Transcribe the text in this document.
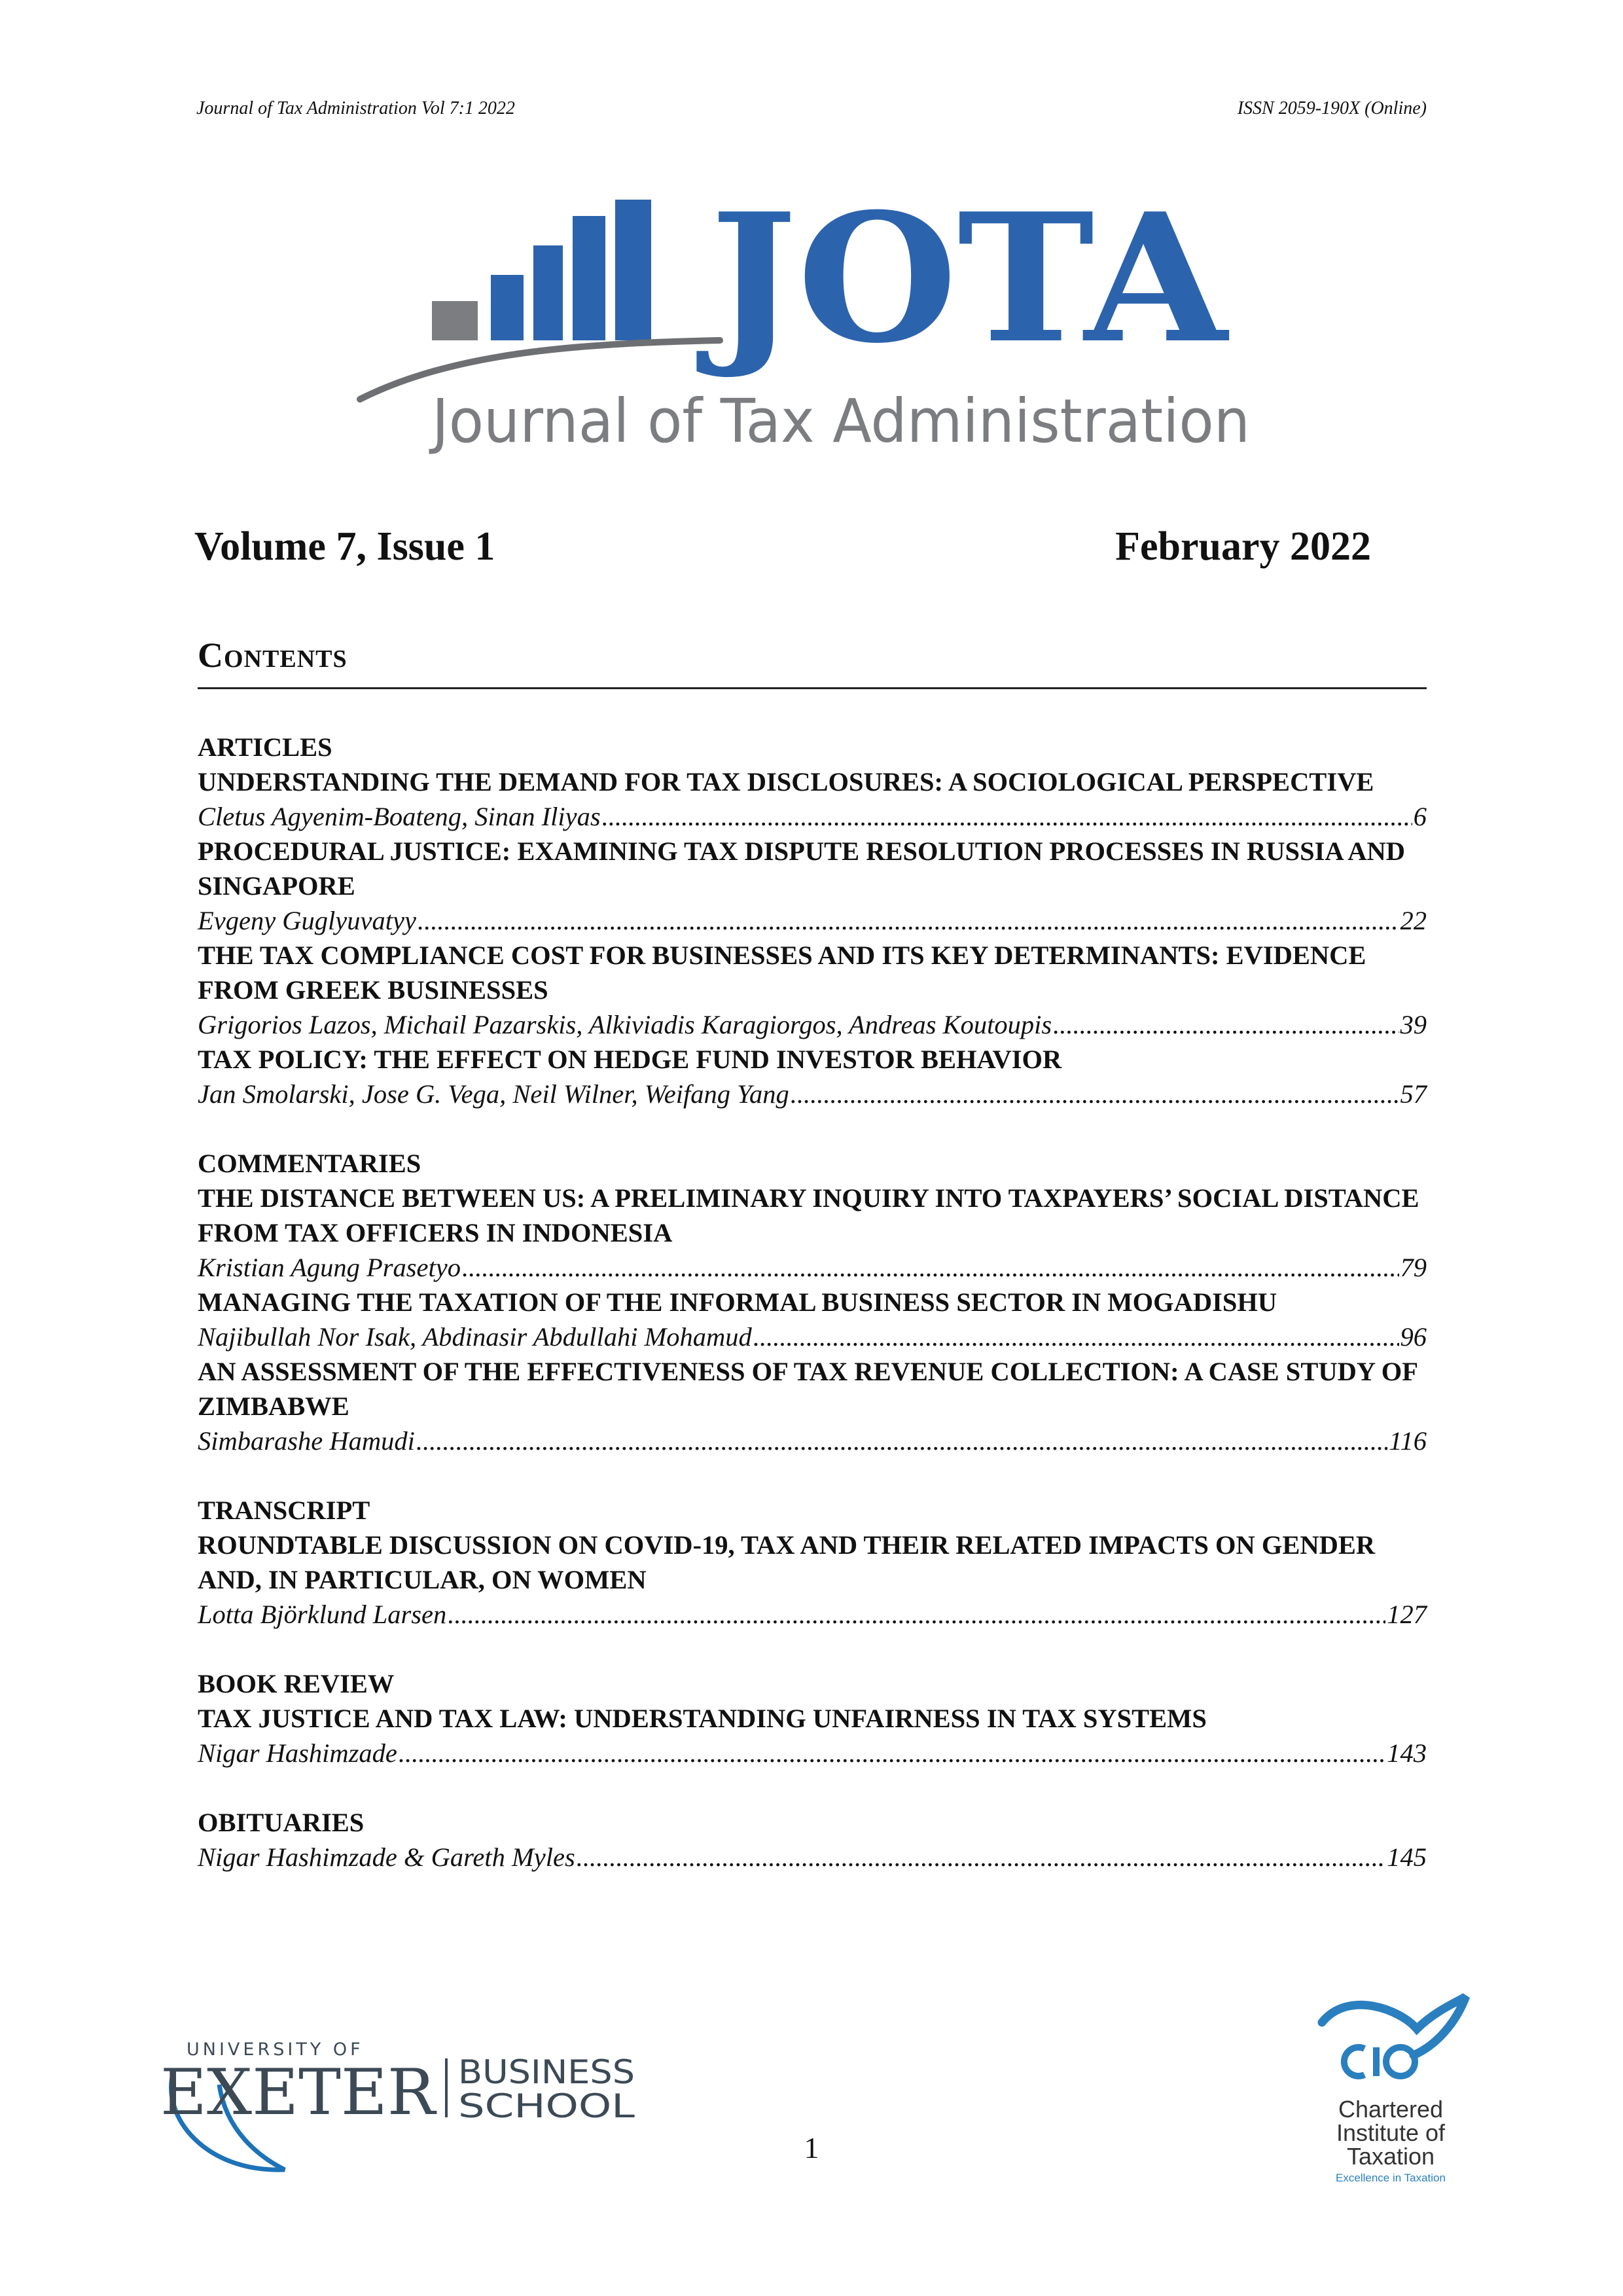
Journal of Tax Administration Vol 7:1 2022	ISSN 2059-190X (Online)
JOTA
Journal of Tax Administration
Volume 7, Issue 1	February 2022
Contents
ARTICLES
UNDERSTANDING THE DEMAND FOR TAX DISCLOSURES: A SOCIOLOGICAL PERSPECTIVE
Cletus Agyenim-Boateng, Sinan Iliyas .....	6
PROCEDURAL JUSTICE: EXAMINING TAX DISPUTE RESOLUTION PROCESSES IN RUSSIA AND SINGAPORE
Evgeny Guglyuvatyy .....	22
THE TAX COMPLIANCE COST FOR BUSINESSES AND ITS KEY DETERMINANTS: EVIDENCE FROM GREEK BUSINESSES
Grigorios Lazos, Michail Pazarskis, Alkiviadis Karagiorgos, Andreas Koutoupis .....	39
TAX POLICY: THE EFFECT ON HEDGE FUND INVESTOR BEHAVIOR
Jan Smolarski, Jose G. Vega, Neil Wilner, Weifang Yang .....	57
COMMENTARIES
THE DISTANCE BETWEEN US: A PRELIMINARY INQUIRY INTO TAXPAYERS’ SOCIAL DISTANCE FROM TAX OFFICERS IN INDONESIA
Kristian Agung Prasetyo .....	79
MANAGING THE TAXATION OF THE INFORMAL BUSINESS SECTOR IN MOGADISHU
Najibullah Nor Isak, Abdinasir Abdullahi Mohamud .....	96
AN ASSESSMENT OF THE EFFECTIVENESS OF TAX REVENUE COLLECTION: A CASE STUDY OF ZIMBABWE
Simbarashe Hamudi .....	116
TRANSCRIPT
ROUNDTABLE DISCUSSION ON COVID-19, TAX AND THEIR RELATED IMPACTS ON GENDER AND, IN PARTICULAR, ON WOMEN
Lotta Björklund Larsen .....	127
BOOK REVIEW
TAX JUSTICE AND TAX LAW: UNDERSTANDING UNFAIRNESS IN TAX SYSTEMS
Nigar Hashimzade .....	143
OBITUARIES
Nigar Hashimzade & Gareth Myles .....	145
UNIVERSITY OF
EXETER BUSINESS
SCHOOL
1
Chartered
Institute of
Taxation
Excellence in Taxation
